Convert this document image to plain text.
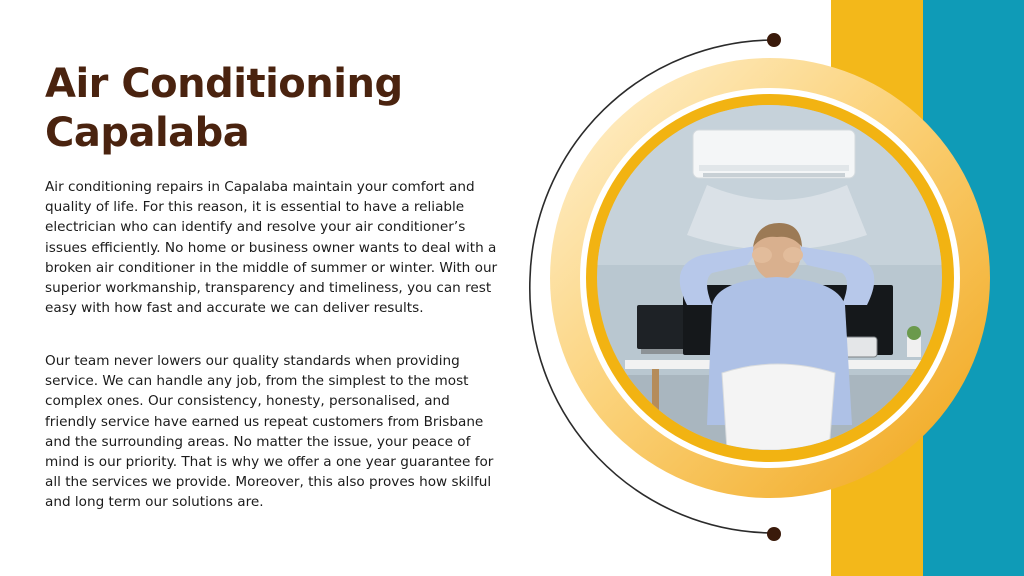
Air Conditioning
Capalaba

Air conditioning repairs in Capalaba maintain your comfort and quality of life. For this reason, it is essential to have a reliable electrician who can identify and resolve your air conditioner’s issues efficiently. No home or business owner wants to deal with a broken air conditioner in the middle of summer or winter. With our superior workmanship, transparency and timeliness, you can rest easy with how fast and accurate we can deliver results.

Our team never lowers our quality standards when providing service. We can handle any job, from the simplest to the most complex ones. Our consistency, honesty, personalised, and friendly service have earned us repeat customers from Brisbane and the surrounding areas. No matter the issue, your peace of mind is our priority. That is why we offer a one year guarantee for all the services we provide. Moreover, this also proves how skilful and long term our solutions are.
